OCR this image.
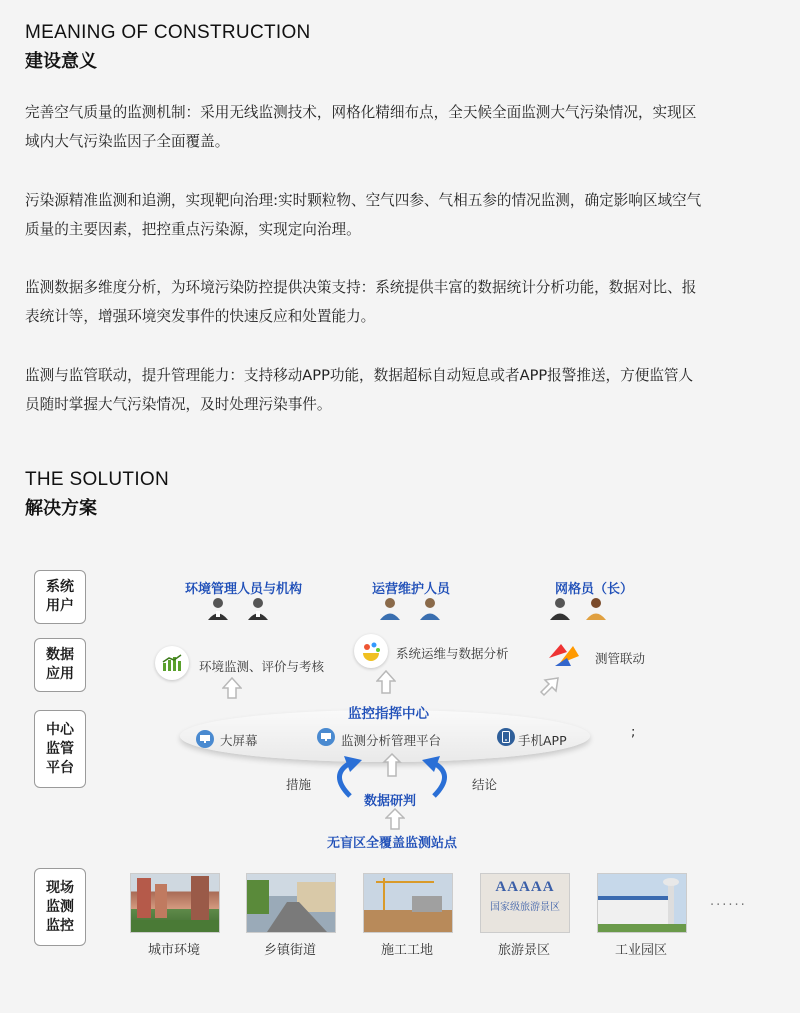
MEANING OF CONSTRUCTION
建设意义
完善空气质量的监测机制：采用无线监测技术，网格化精细布点，全天候全面监测大气污染情况，实现区
域内大气污染监因子全面覆盖。
污染源精准监测和追溯，实现靶向治理:实时颗粒物、空气四参、气相五参的情况监测，确定影响区域空气
质量的主要因素，把控重点污染源，实现定向治理。
监测数据多维度分析，为环境污染防控提供决策支持：系统提供丰富的数据统计分析功能，数据对比、报
表统计等，增强环境突发事件的快速反应和处置能力。
监测与监管联动，提升管理能力：支持移动APP功能，数据超标自动短息或者APP报警推送，方便监管人
员随时掌握大气污染情况，及时处理污染事件。
THE SOLUTION
解决方案
系统
用户
数据
应用
中心
监管
平台
现场
监测
监控
环境管理人员与机构	运营维护人员	网格员（长）
环境监测、评价与考核
系统运维与数据分析	测管联动
监控指挥中心
大屏幕	监测分析管理平台	手机APP
;
措施
数据研判
结论
无盲区全覆盖监测站点
AAAAA
国家级旅游景区	......
城市环境	乡镇街道	施工工地	旅游景区	工业园区
